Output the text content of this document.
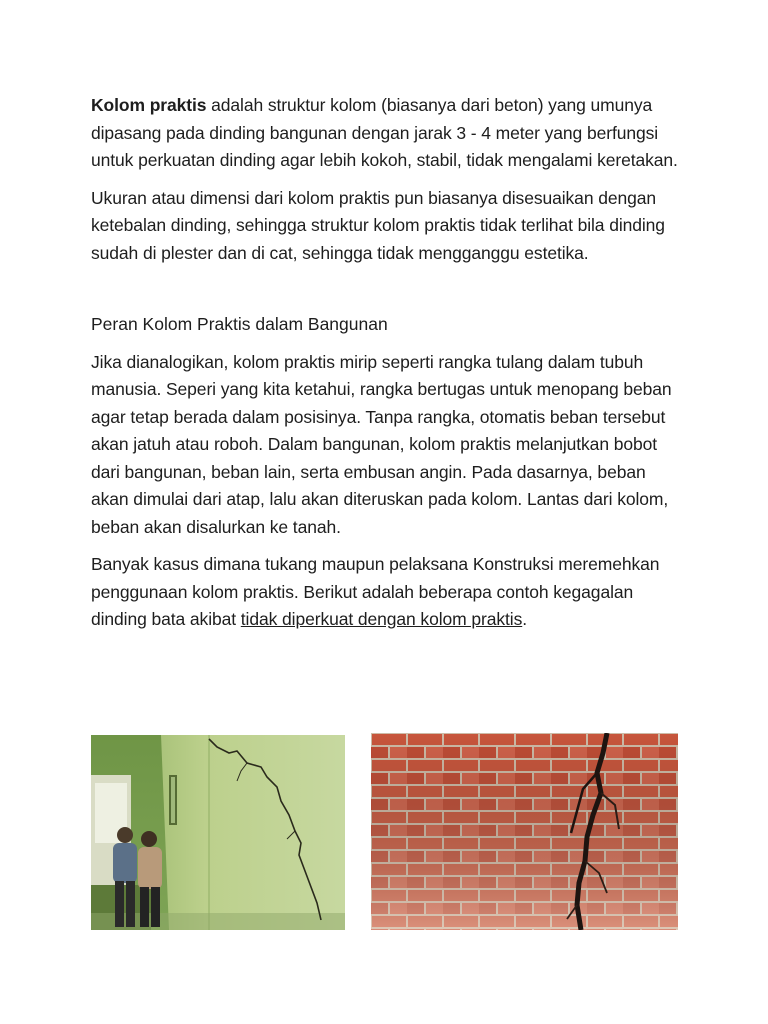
Kolom praktis adalah struktur kolom (biasanya dari beton) yang umunya dipasang pada dinding bangunan dengan jarak 3 - 4 meter yang berfungsi untuk perkuatan dinding agar lebih kokoh, stabil, tidak mengalami keretakan.

Ukuran atau dimensi dari kolom praktis pun biasanya disesuaikan dengan ketebalan dinding, sehingga struktur kolom praktis tidak terlihat bila dinding sudah di plester dan di cat, sehingga tidak mengganggu estetika.

Peran Kolom Praktis dalam Bangunan

Jika dianalogikan, kolom praktis mirip seperti rangka tulang dalam tubuh manusia. Seperi yang kita ketahui, rangka bertugas untuk menopang beban agar tetap berada dalam posisinya. Tanpa rangka, otomatis beban tersebut akan jatuh atau roboh. Dalam bangunan, kolom praktis melanjutkan bobot dari bangunan, beban lain, serta embusan angin. Pada dasarnya, beban akan dimulai dari atap, lalu akan diteruskan pada kolom. Lantas dari kolom, beban akan disalurkan ke tanah.

Banyak kasus dimana tukang maupun pelaksana Konstruksi meremehkan penggunaan kolom praktis. Berikut adalah beberapa contoh kegagalan dinding bata akibat tidak diperkuat dengan kolom praktis.
